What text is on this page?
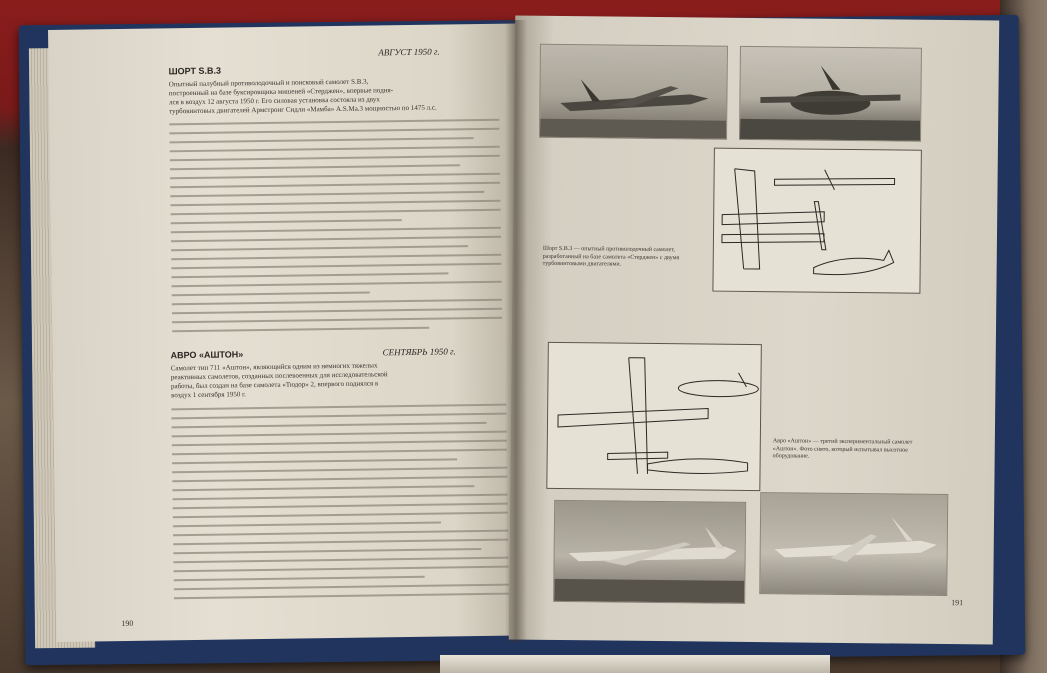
ШОРТ S.B.3
АВГУСТ 1950 г.
Опытный палубный противолодочный и поисковый самолет S.B.3,
построенный на базе буксировщика мишеней «Стерджен», впервые подня-
лся в воздух 12 августа 1950 г. Его силовая установка состояла из двух
турбовинтовых двигателей Армстронг Сидли «Мамба» А.S.Ма.3 мощностью по 1475 л.с.
АВРО «АШТОН»	СЕНТЯБРЬ 1950 г.
Самолет тип 711 «Аштон», являющийся одним из немногих тяжелых
реактивных самолетов, созданных послевоенных для исследовательской
работы, был создан на базе самолета «Тюдор» 2, впервого поднялся в
воздух 1 сентября 1950 г.
190
Шорт S.B.3 — опытный противолодочный самолет, разработанный на базе самолета «Стерджен» с двумя турбовинтовыми двигателями.
Авро «Аштон» — третий экспериментальный самолет «Аштон». Фото снято, который испытывал высотное оборудование.
191
